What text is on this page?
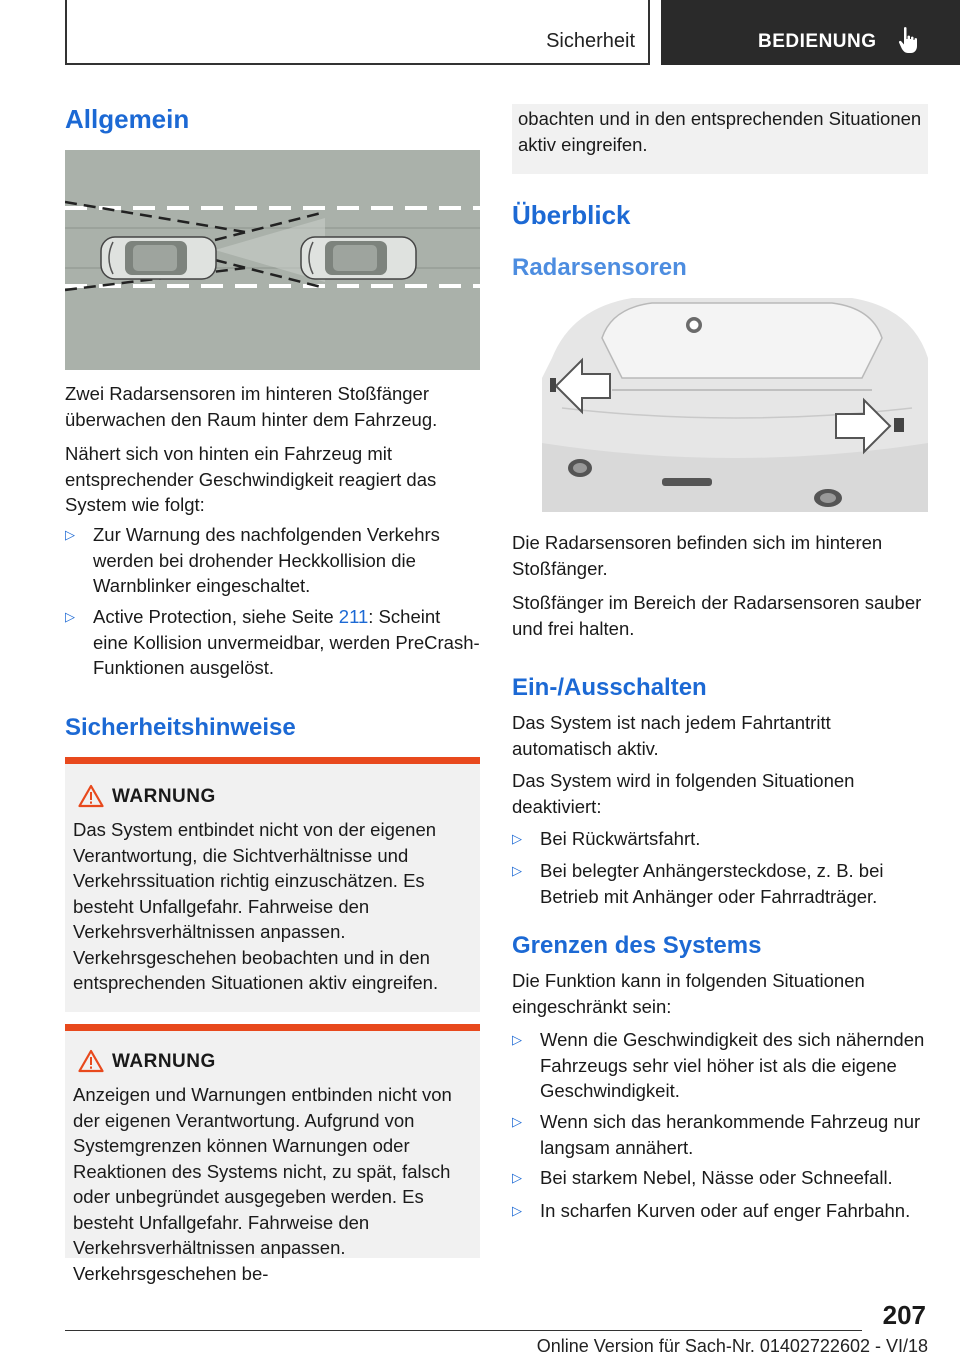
Sicherheit	BEDIENUNG
Allgemein
Zwei Radarsensoren im hinteren Stoßfänger überwachen den Raum hinter dem Fahrzeug.
Nähert sich von hinten ein Fahrzeug mit entsprechender Geschwindigkeit reagiert das System wie folgt:
▷ Zur Warnung des nachfolgenden Verkehrs werden bei drohender Heckkollision die Warnblinker eingeschaltet.
▷ Active Protection, siehe Seite 211: Scheint eine Kollision unvermeidbar, werden PreCrash-Funktionen ausgelöst.
Sicherheitshinweise
WARNUNG
Das System entbindet nicht von der eigenen Verantwortung, die Sichtverhältnisse und Verkehrssituation richtig einzuschätzen. Es besteht Unfallgefahr. Fahrweise den Verkehrsverhältnissen anpassen. Verkehrsgeschehen beobachten und in den entsprechenden Situationen aktiv eingreifen.
WARNUNG
Anzeigen und Warnungen entbinden nicht von der eigenen Verantwortung. Aufgrund von Systemgrenzen können Warnungen oder Reaktionen des Systems nicht, zu spät, falsch oder unbegründet ausgegeben werden. Es besteht Unfallgefahr. Fahrweise den Verkehrsverhältnissen anpassen. Verkehrsgeschehen be-
obachten und in den entsprechenden Situationen aktiv eingreifen.
Überblick
Radarsensoren
Die Radarsensoren befinden sich im hinteren Stoßfänger.
Stoßfänger im Bereich der Radarsensoren sauber und frei halten.
Ein-/Ausschalten
Das System ist nach jedem Fahrtantritt automatisch aktiv.
Das System wird in folgenden Situationen deaktiviert:
▷ Bei Rückwärtsfahrt.
▷ Bei belegter Anhängersteckdose, z. B. bei Betrieb mit Anhänger oder Fahrradträger.
Grenzen des Systems
Die Funktion kann in folgenden Situationen eingeschränkt sein:
▷ Wenn die Geschwindigkeit des sich nähernden Fahrzeugs sehr viel höher ist als die eigene Geschwindigkeit.
▷ Wenn sich das herankommende Fahrzeug nur langsam annähert.
▷ Bei starkem Nebel, Nässe oder Schneefall.
▷ In scharfen Kurven oder auf enger Fahrbahn.
207
Online Version für Sach-Nr. 01402722602 - VI/18
